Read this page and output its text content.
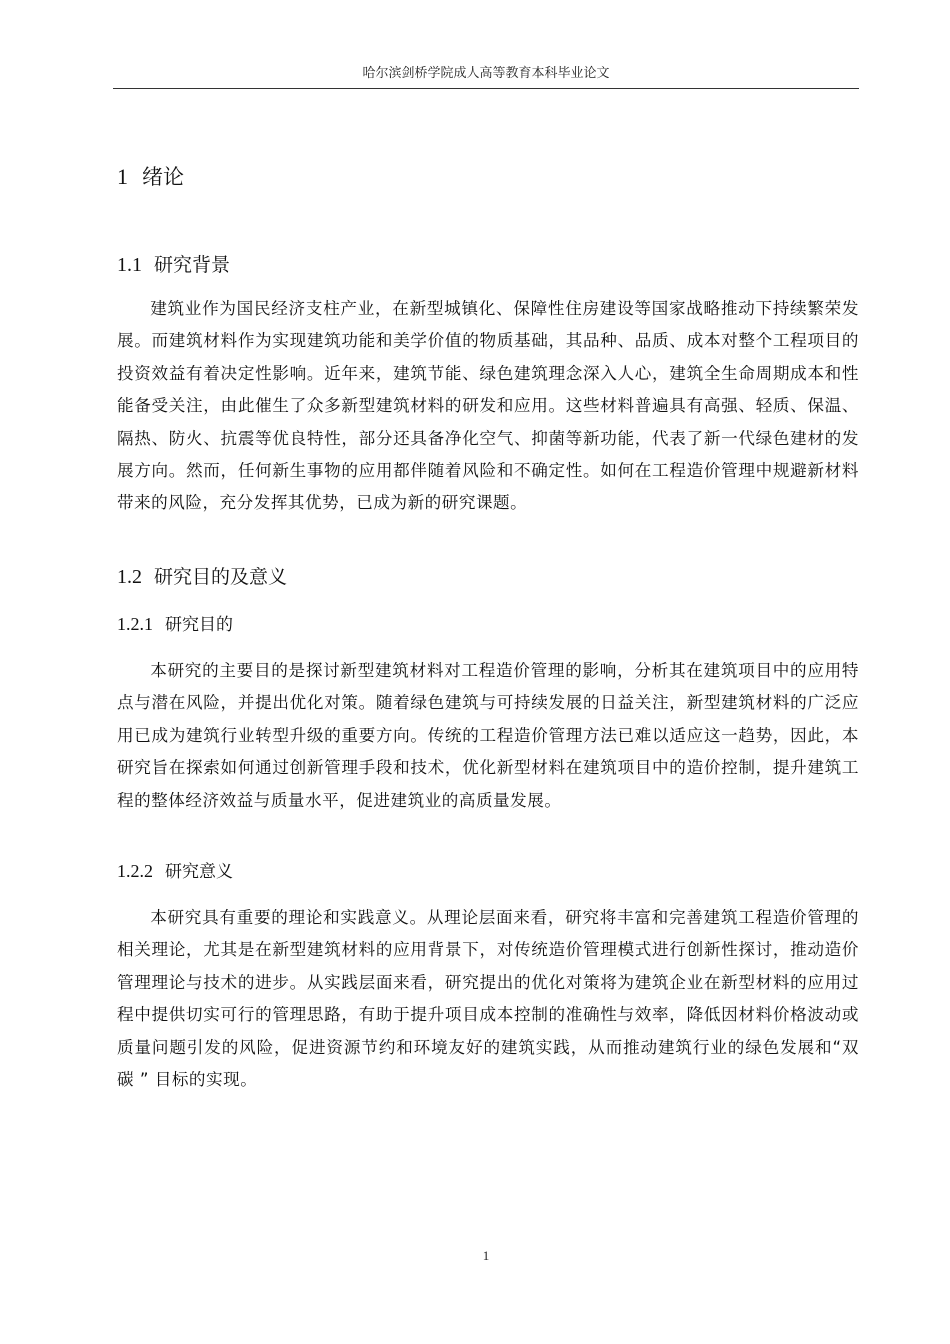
哈尔滨剑桥学院成人高等教育本科毕业论文
1 绪论
1.1 研究背景

建筑业作为国民经济支柱产业，在新型城镇化、保障性住房建设等国家战略推动下持续繁荣发展。而建筑材料作为实现建筑功能和美学价值的物质基础，其品种、品质、成本对整个工程项目的投资效益有着决定性影响。近年来，建筑节能、绿色建筑理念深入人心，建筑全生命周期成本和性能备受关注，由此催生了众多新型建筑材料的研发和应用。这些材料普遍具有高强、轻质、保温、隔热、防火、抗震等优良特性，部分还具备净化空气、抑菌等新功能，代表了新一代绿色建材的发展方向。然而，任何新生事物的应用都伴随着风险和不确定性。如何在工程造价管理中规避新材料带来的风险，充分发挥其优势，已成为新的研究课题。

1.2 研究目的及意义
1.2.1 研究目的

本研究的主要目的是探讨新型建筑材料对工程造价管理的影响，分析其在建筑项目中的应用特点与潜在风险，并提出优化对策。随着绿色建筑与可持续发展的日益关注，新型建筑材料的广泛应用已成为建筑行业转型升级的重要方向。传统的工程造价管理方法已难以适应这一趋势，因此，本研究旨在探索如何通过创新管理手段和技术，优化新型材料在建筑项目中的造价控制，提升建筑工程的整体经济效益与质量水平，促进建筑业的高质量发展。

1.2.2 研究意义

本研究具有重要的理论和实践意义。从理论层面来看，研究将丰富和完善建筑工程造价管理的相关理论，尤其是在新型建筑材料的应用背景下，对传统造价管理模式进行创新性探讨，推动造价管理理论与技术的进步。从实践层面来看，研究提出的优化对策将为建筑企业在新型材料的应用过程中提供切实可行的管理思路，有助于提升项目成本控制的准确性与效率，降低因材料价格波动或质量问题引发的风险，促进资源节约和环境友好的建筑实践，从而推动建筑行业的绿色发展和“双碳 ” 目标的实现。

1
